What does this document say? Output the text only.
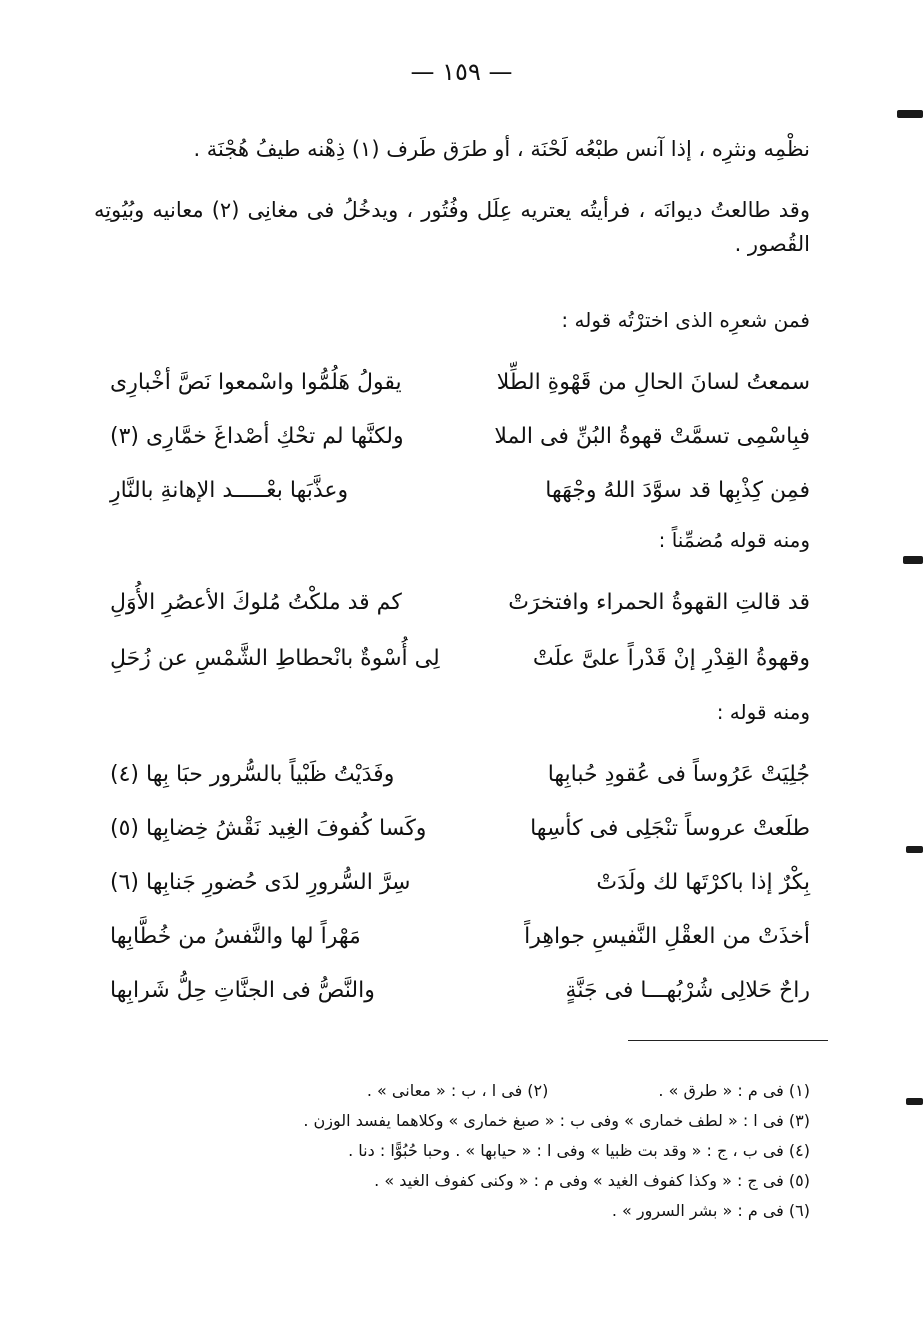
— ١٥٩ —
نظْمِه ونثرِه ، إذا آنس طبْعُه لَحْنَة ، أو طرَق طَرف (١) ذِهْنه طيفُ هُجْنَة .
وقد طالعتُ ديوانَه ، فرأيتُه يعتريه عِلَل وفُتُور ، ويدخُلُ فى مغانِى (٢) معانيه وبُيُوتِه القُصور .
فمن شعرِه الذى اخترْتُه قوله :
سمعتُ لسانَ الحالِ من قَهْوةِ الطِّلا
يقولُ هَلُمُّوا واسْمعوا نَصَّ أخْبارِى
فبِاسْمِى تسمَّتْ قهوةُ البُنِّ فى الملا
ولكنَّها لم تحْكِ أصْداغَ خمَّارِى (٣)
فمِن كِذْبِها قد سوَّدَ اللهُ وجْهَها
وعذَّبَها بعْـــــد الإهانةِ بالنَّارِ
ومنه قوله مُضمِّناً :
قد قالتِ القهوةُ الحمراء وافتخرَتْ
كم قد ملكْتُ مُلوكَ الأعصُرِ الأُوَلِ
وقهوةُ القِدْرِ إنْ قَدْراً علىَّ علَتْ
لِى أُسْوةٌ بانْحطاطِ الشَّمْسِ عن زُحَلِ
ومنه قوله :
جُلِيَتْ عَرُوساً فى عُقودِ حُبابِها
وفَدَيْتُ ظَبْياً بالسُّرور حبَا بِها (٤)
طلَعتْ عروساً تنْجَلِى فى كأسِها
وكَسا كُفوفَ الغِيد نَقْشُ خِضابِها (٥)
بِكْرٌ إذا باكرْتَها لك ولَدَتْ
سِرَّ السُّرورِ لدَى حُضورِ جَنابِها (٦)
أخذَتْ من العقْلِ النَّفيسِ جواهِراً
مَهْراً لها والنَّفسُ من خُطَّابِها
راحٌ حَلالِى شُرْبُهـــا فى جَنَّةٍ
والنَّصُّ فى الجنَّاتِ حِلُّ شَرابِها
(١) فى م : « طرق » .
(٢) فى ا ، ب : « معانى » .
(٣) فى ا : « لطف خمارى » وفى ب : « صبغ خمارى » وكلاهما يفسد الوزن .
(٤) فى ب ، ج : « وقد بت ظبيا » وفى ا : « حيابها » . وحبا حُبُوًّا : دنا .
(٥) فى ج : « وكذا كفوف الغيد » وفى م : « وكنى كفوف الغيد » .
(٦) فى م : « بشر السرور » .
